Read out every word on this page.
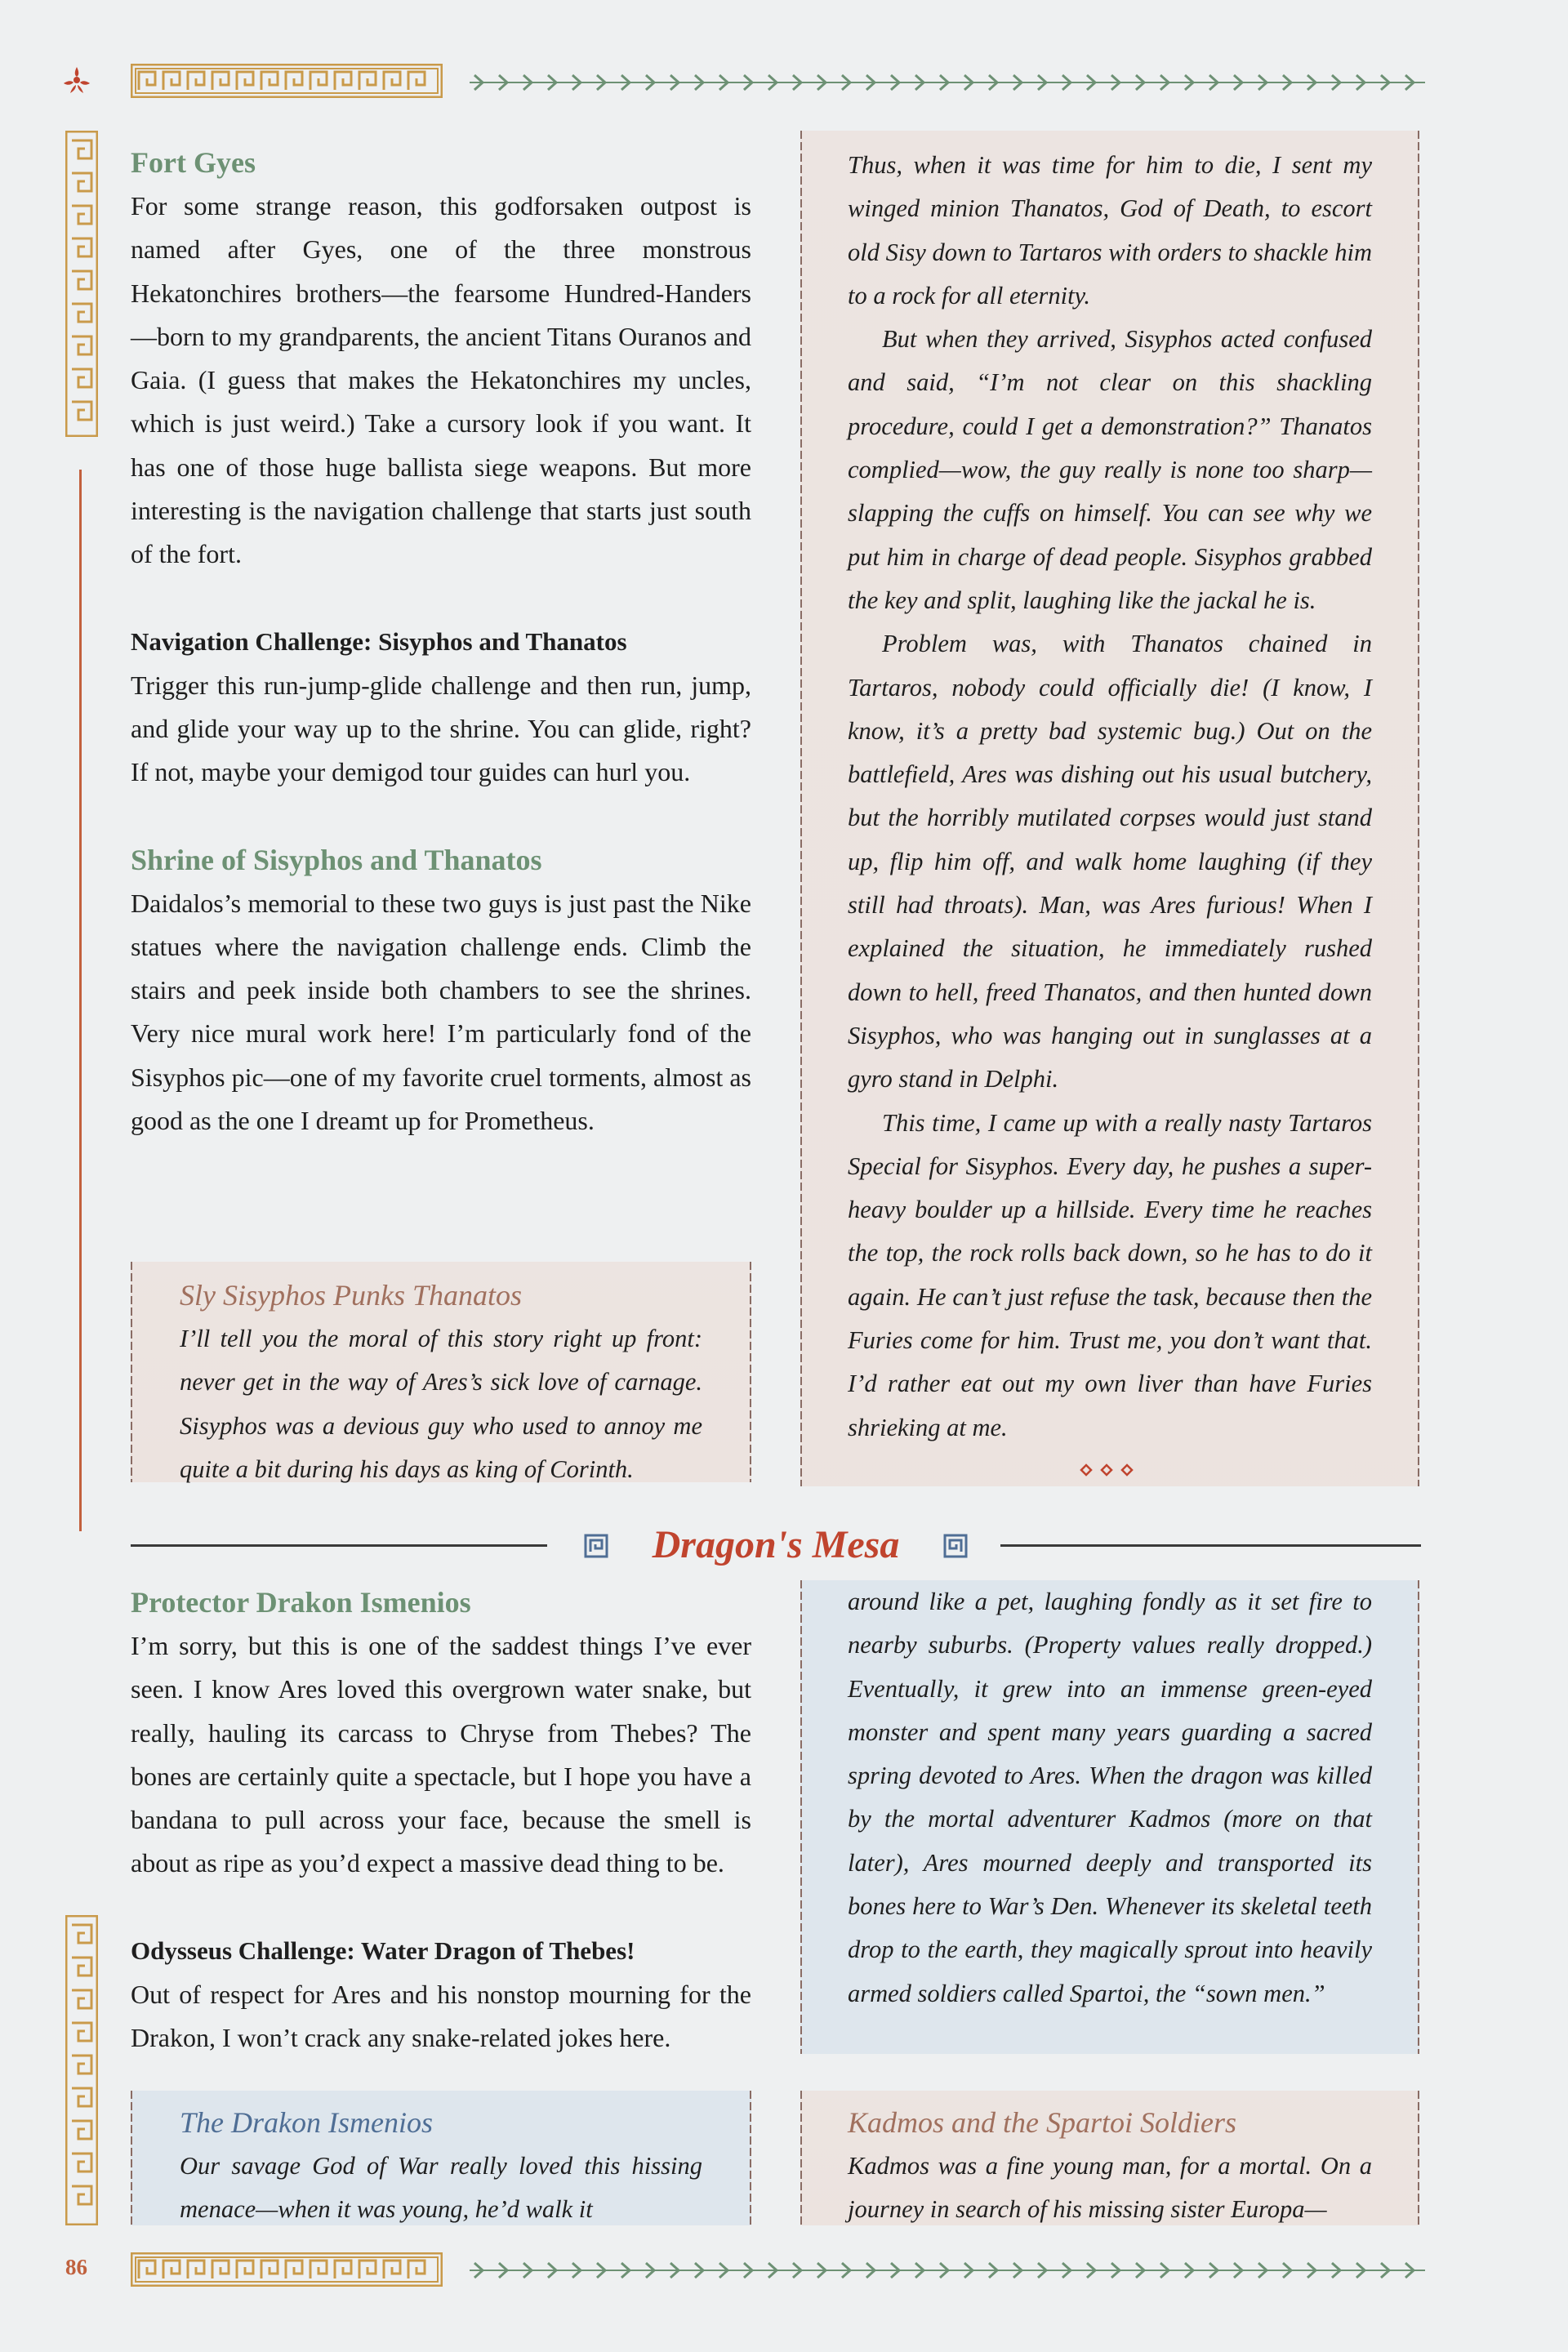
Fort Gyes

For some strange reason, this godforsaken outpost is named after Gyes, one of the three monstrous Hekatonchires brothers—the fearsome Hundred-Handers—born to my grandparents, the ancient Titans Ouranos and Gaia. (I guess that makes the Hekatonchires my uncles, which is just weird.) Take a cursory look if you want. It has one of those huge ballista siege weapons. But more interesting is the navigation challenge that starts just south of the fort.

Navigation Challenge: Sisyphos and Thanatos

Trigger this run-jump-glide challenge and then run, jump, and glide your way up to the shrine. You can glide, right? If not, maybe your demigod tour guides can hurl you.

Shrine of Sisyphos and Thanatos

Daidalos’s memorial to these two guys is just past the Nike statues where the navigation challenge ends. Climb the stairs and peek inside both chambers to see the shrines. Very nice mural work here! I’m particularly fond of the Sisyphos pic—one of my favorite cruel torments, almost as good as the one I dreamt up for Prometheus.

Sly Sisyphos Punks Thanatos

I’ll tell you the moral of this story right up front: never get in the way of Ares’s sick love of carnage. Sisyphos was a devious guy who used to annoy me quite a bit during his days as king of Corinth.

Thus, when it was time for him to die, I sent my winged minion Thanatos, God of Death, to escort old Sisy down to Tartaros with orders to shackle him to a rock for all eternity.

But when they arrived, Sisyphos acted confused and said, “I’m not clear on this shackling procedure, could I get a demonstration?” Thanatos complied—wow, the guy really is none too sharp—slapping the cuffs on himself. You can see why we put him in charge of dead people. Sisyphos grabbed the key and split, laughing like the jackal he is.

Problem was, with Thanatos chained in Tartaros, nobody could officially die! (I know, I know, it’s a pretty bad systemic bug.) Out on the battlefield, Ares was dishing out his usual butchery, but the horribly mutilated corpses would just stand up, flip him off, and walk home laughing (if they still had throats). Man, was Ares furious! When I explained the situation, he immediately rushed down to hell, freed Thanatos, and then hunted down Sisyphos, who was hanging out in sunglasses at a gyro stand in Delphi.

This time, I came up with a really nasty Tartaros Special for Sisyphos. Every day, he pushes a super-heavy boulder up a hillside. Every time he reaches the top, the rock rolls back down, so he has to do it again. He can’t just refuse the task, because then the Furies come for him. Trust me, you don’t want that. I’d rather eat out my own liver than have Furies shrieking at me.

Dragon's Mesa
Protector Drakon Ismenios

I’m sorry, but this is one of the saddest things I’ve ever seen. I know Ares loved this overgrown water snake, but really, hauling its carcass to Chryse from Thebes? The bones are certainly quite a spectacle, but I hope you have a bandana to pull across your face, because the smell is about as ripe as you’d expect a massive dead thing to be.

Odysseus Challenge: Water Dragon of Thebes!

Out of respect for Ares and his nonstop mourning for the Drakon, I won’t crack any snake-related jokes here.

The Drakon Ismenios

Our savage God of War really loved this hissing menace—when it was young, he’d walk it

around like a pet, laughing fondly as it set fire to nearby suburbs. (Property values really dropped.) Eventually, it grew into an immense green-eyed monster and spent many years guarding a sacred spring devoted to Ares. When the dragon was killed by the mortal adventurer Kadmos (more on that later), Ares mourned deeply and transported its bones here to War’s Den. Whenever its skeletal teeth drop to the earth, they magically sprout into heavily armed soldiers called Spartoi, the “sown men.”

Kadmos and the Spartoi Soldiers

Kadmos was a fine young man, for a mortal. On a journey in search of his missing sister Europa—

86
